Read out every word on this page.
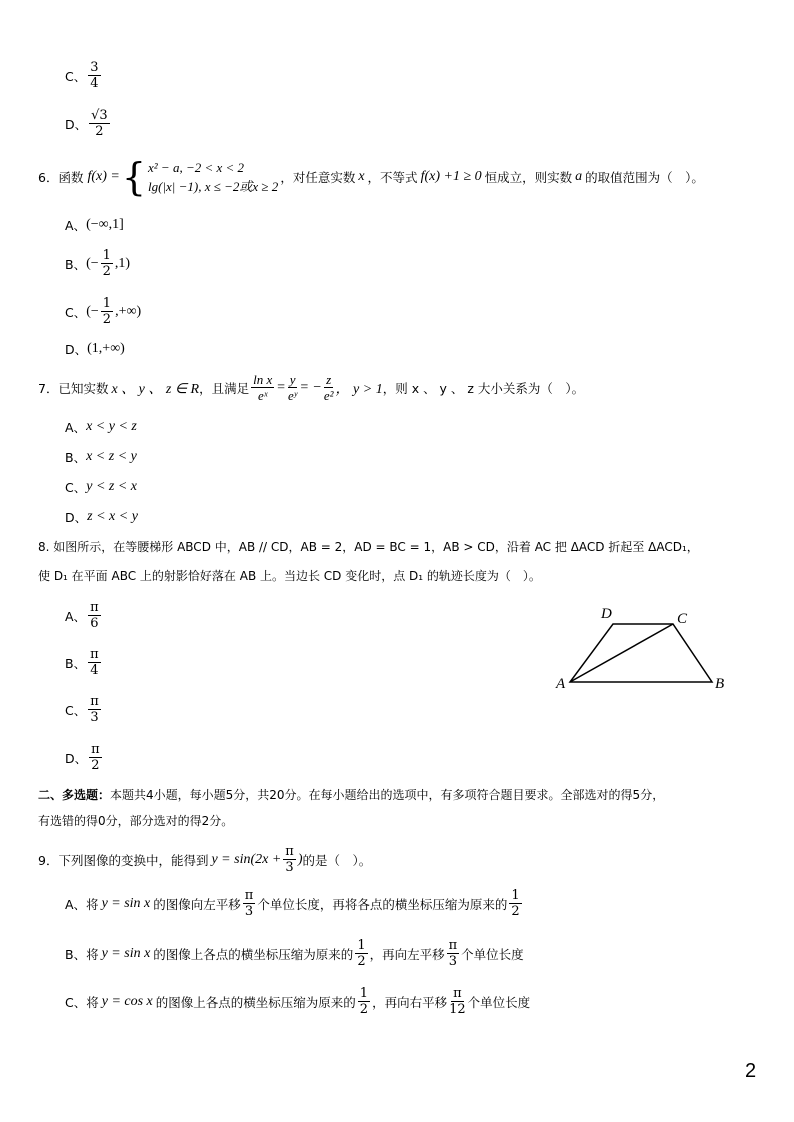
C、 $\frac{3}{4}$
D、 $\frac{√3}{2}$
6．函数 f(x) = { x² − a, −2 < x < 2
lg(|x| −1), x ≤ −2或x ≥ 2
，对任意实数 x ，不等式 f(x) +1 ≥ 0 恒成立，则实数 a 的取值范围为（　）。
A、 (−∞,1]
B、 (− $\frac{1}{2} ,1$)
C、 (− $\frac{1}{2}$ ,+∞)
D、 (1,+∞)
7．已知实数 x 、 y 、 z ∈ R ，且满足 $\frac{\text{ln x}}{\text{eˣ}} = \frac{y}{\text{eʸ}}$ = − $\frac{z}{\text{e²}}$ ， y > 1 ，则 x 、 y 、 z 大小关系为（　）。
A、 x < y < z
B、 x < z < y
C、 y < z < x
D、 z < x < y
8. 如图所示，在等腰梯形 ABCD 中，AB // CD，AB = 2，AD = BC = 1，AB > CD，沿着 AC 把 ΔACD 折起至 ΔACD₁，
使 D₁ 在平面 ABC 上的射影恰好落在 AB 上。当边长 CD 变化时，点 D₁ 的轨迹长度为（　）。
A、 $\frac{\pi}{6}$
B、 $\frac{\pi}{4}$
C、 $\frac{\pi}{3}$
D、 $\frac{\pi}{2}$
A	B
C
D
二、多选题： 本题共4小题，每小题5分，共20分。在每小题给出的选项中，有多项符合题目要求。全部选对的得5分，
有选错的得0分，部分选对的得2分。
9．下列图像的变换中，能得到 $y = \sin(2x + \frac{\pi}{3}$ ) 的是（　）。
A、将 y = sin x 的图像向左平移 $\frac{\pi}{3}$ 个单位长度，再将各点的横坐标压缩为原来的 $\frac{1}{2}$
B、将 y = sin x 的图像上各点的横坐标压缩为原来的 $\frac{1}{2}$ ，再向左平移 $\frac{\pi}{3}$ 个单位长度
C、将 y = cos x 的图像上各点的横坐标压缩为原来的 $\frac{1}{2}$ ，再向右平移 $\frac{\pi}{12}$ 个单位长度
2
